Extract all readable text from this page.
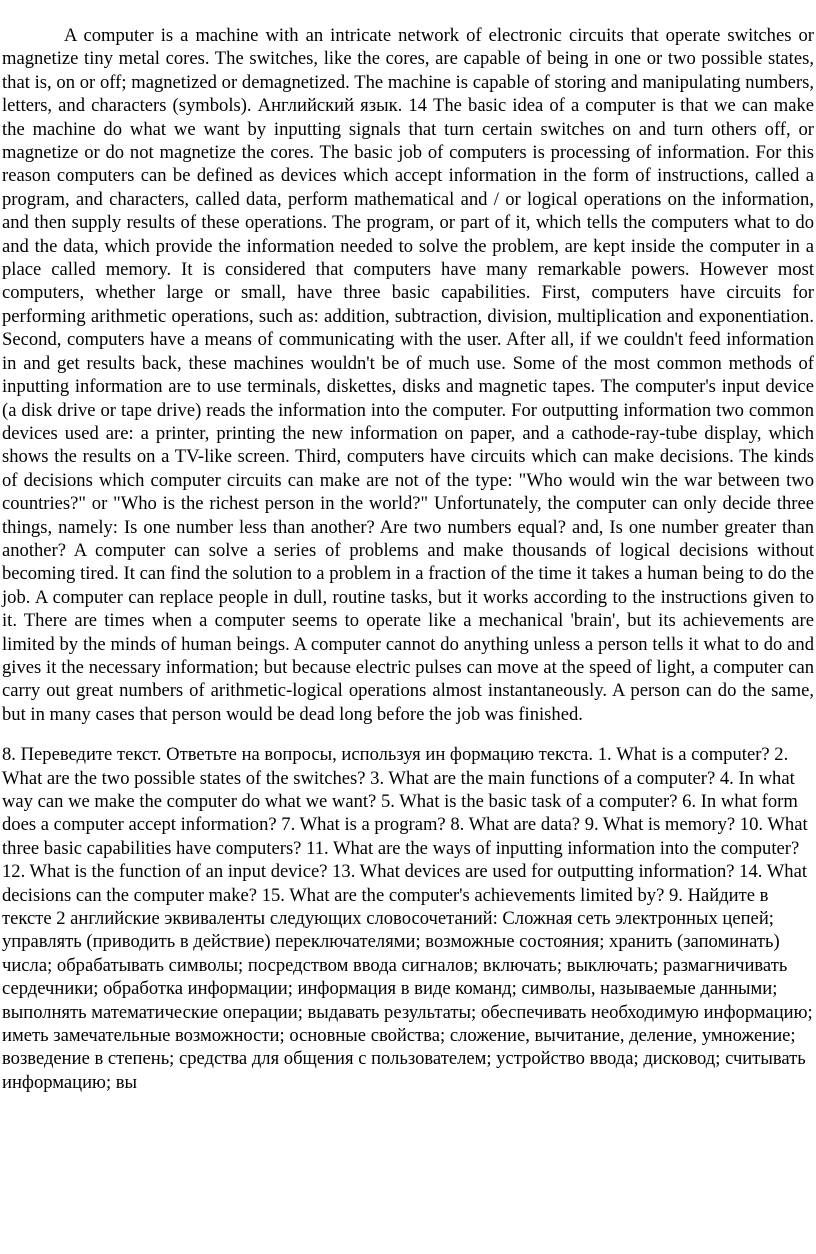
A computer is a machine with an intricate network of electronic circuits that operate switches or magnetize tiny metal cores. The switches, like the cores, are capable of being in one or two possible states, that is, on or off; magnetized or demagnetized. The machine is capable of storing and manipulating numbers, letters, and characters (symbols). Английский язык. 14 The basic idea of a computer is that we can make the machine do what we want by inputting signals that turn certain switches on and turn others off, or magnetize or do not magnetize the cores. The basic job of computers is processing of information. For this reason computers can be defined as devices which accept information in the form of instructions, called a program, and characters, called data, perform mathematical and / or logical operations on the information, and then supply results of these operations. The program, or part of it, which tells the computers what to do and the data, which provide the information needed to solve the problem, are kept inside the computer in a place called memory. It is considered that computers have many remarkable powers. However most computers, whether large or small, have three basic capabilities. First, computers have circuits for performing arithmetic operations, such as: addition, subtraction, division, multiplication and exponentiation. Second, computers have a means of communicating with the user. After all, if we couldn't feed information in and get results back, these machines wouldn't be of much use. Some of the most common methods of inputting information are to use terminals, diskettes, disks and magnetic tapes. The computer's input device (a disk drive or tape drive) reads the information into the computer. For outputting information two common devices used are: a printer, printing the new information on paper, and a cathode-ray-tube display, which shows the results on a TV-like screen. Third, computers have circuits which can make decisions. The kinds of decisions which computer circuits can make are not of the type: "Who would win the war between two countries?" or "Who is the richest person in the world?" Unfortunately, the computer can only decide three things, namely: Is one number less than another? Are two numbers equal? and, Is one number greater than another? A computer can solve a series of problems and make thousands of logical decisions without becoming tired. It can find the solution to a problem in a fraction of the time it takes a human being to do the job. A computer can replace people in dull, routine tasks, but it works according to the instructions given to it. There are times when a computer seems to operate like a mechanical 'brain', but its achievements are limited by the minds of human beings. A computer cannot do anything unless a person tells it what to do and gives it the necessary information; but because electric pulses can move at the speed of light, a computer can carry out great numbers of arithmetic-logical operations almost instantaneously. A person can do the same, but in many cases that person would be dead long before the job was finished.

8. Переведите текст. Ответьте на вопросы, используя ин формацию текста. 1. What is a computer? 2. What are the two possible states of the switches? 3. What are the main functions of a computer? 4. In what way can we make the computer do what we want? 5. What is the basic task of a computer? 6. In what form does a computer accept information? 7. What is a program? 8. What are data? 9. What is memory? 10. What three basic capabilities have computers? 11. What are the ways of inputting information into the computer? 12. What is the function of an input device? 13. What devices are used for outputting information? 14. What decisions can the computer make? 15. What are the computer's achievements limited by? 9. Найдите в тексте 2 английские эквиваленты следующих словосочетаний: Сложная сеть электронных цепей; управлять (приводить в действие) переключателями; возможные состояния; хранить (запоминать) числа; обрабатывать символы; посредством ввода сигналов; включать; выключать; размагничивать сердечники; обработка информации; информация в виде команд; символы, называемые данными; выполнять математические операции; выдавать результаты; обеспечивать необходимую информацию; иметь замечательные возможности; основные свойства; сложение, вычитание, деление, умножение; возведение в степень; средства для общения с пользователем; устройство ввода; дисковод; считывать информацию; вы
